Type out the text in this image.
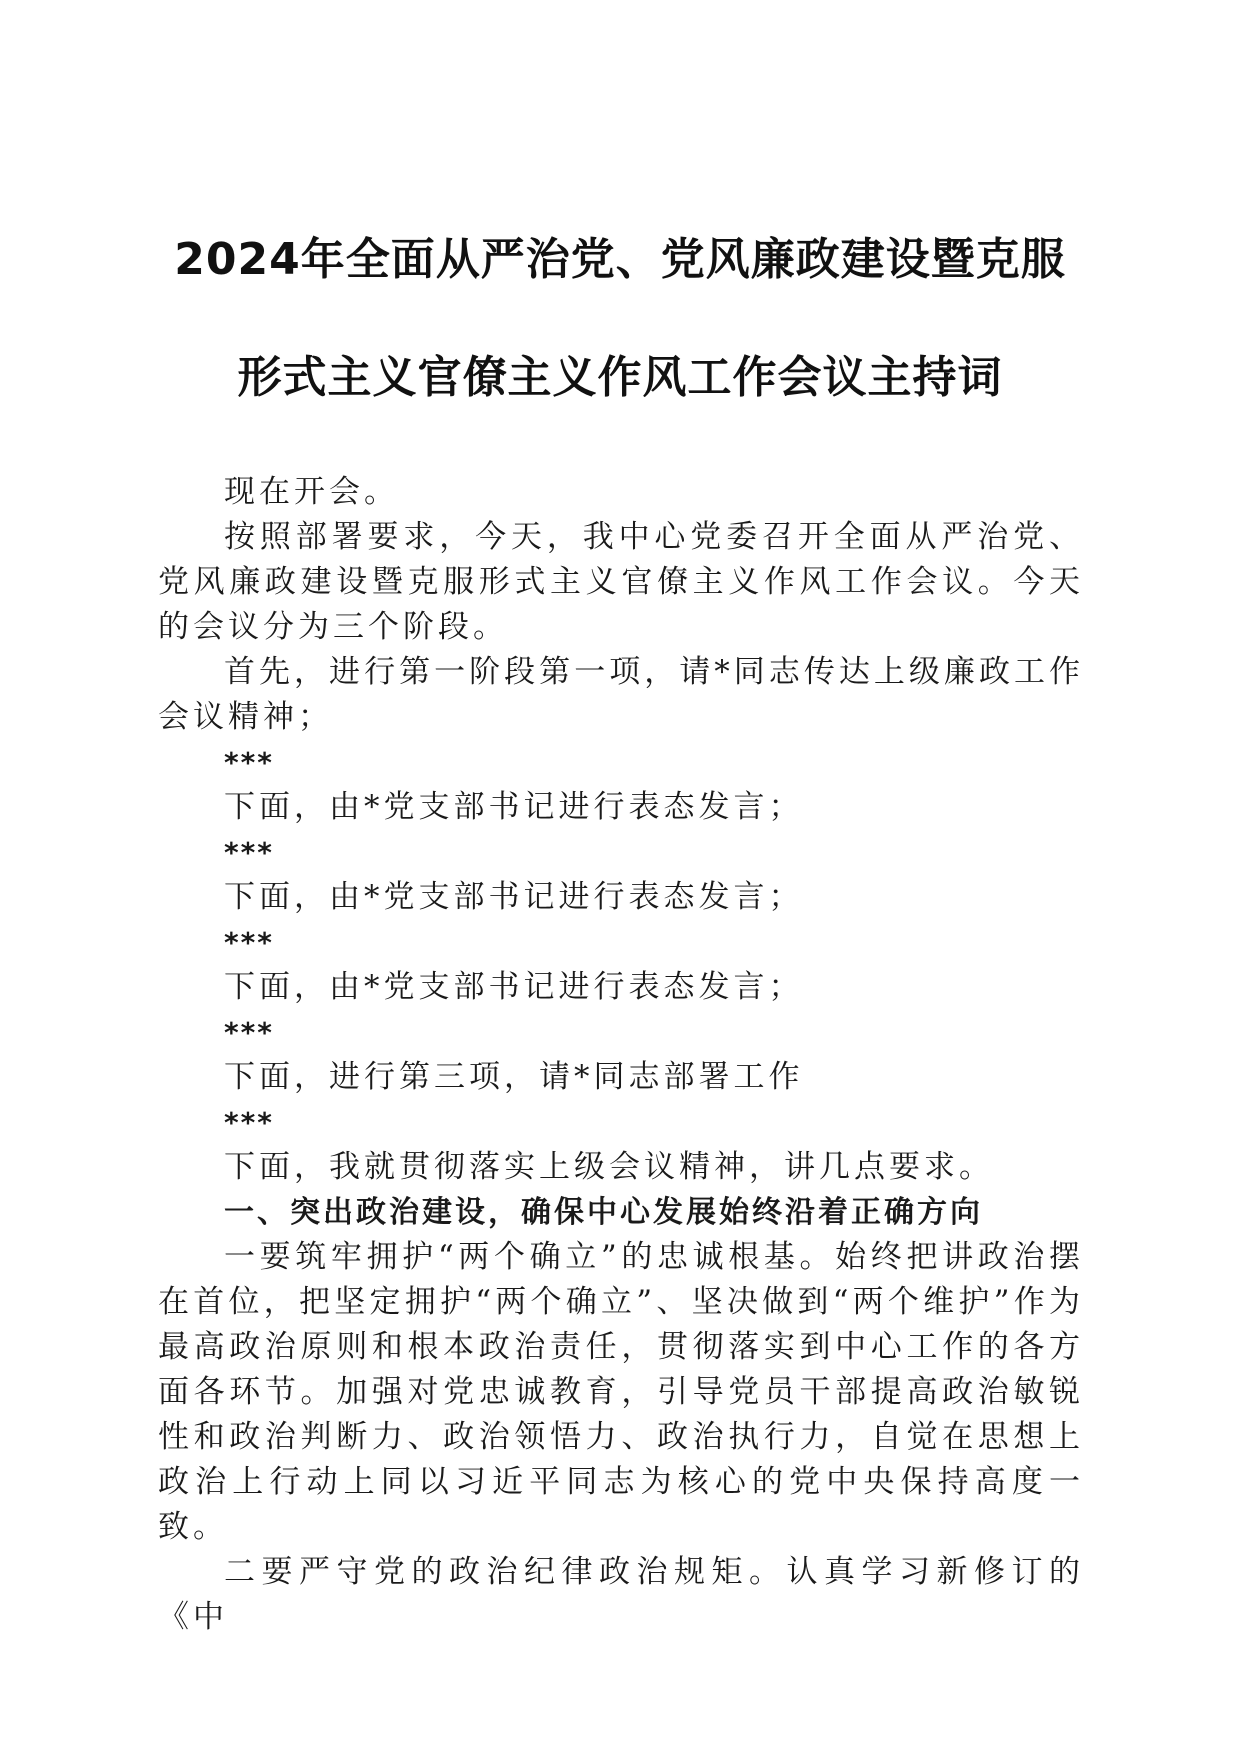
2024年全面从严治党、党风廉政建设暨克服
形式主义官僚主义作风工作会议主持词

现在开会。

按照部署要求，今天，我中心党委召开全面从严治党、党风廉政建设暨克服形式主义官僚主义作风工作会议。今天的会议分为三个阶段。

首先，进行第一阶段第一项，请*同志传达上级廉政工作会议精神；

***

下面，由*党支部书记进行表态发言；

***

下面，由*党支部书记进行表态发言；

***

下面，由*党支部书记进行表态发言；

***

下面，进行第三项，请*同志部署工作

***

下面，我就贯彻落实上级会议精神，讲几点要求。

一、突出政治建设，确保中心发展始终沿着正确方向

一要筑牢拥护“两个确立”的忠诚根基。始终把讲政治摆在首位，把坚定拥护“两个确立”、坚决做到“两个维护”作为最高政治原则和根本政治责任，贯彻落实到中心工作的各方面各环节。加强对党忠诚教育，引导党员干部提高政治敏锐性和政治判断力、政治领悟力、政治执行力，自觉在思想上政治上行动上同以习近平同志为核心的党中央保持高度一致。

二要严守党的政治纪律政治规矩。认真学习新修订的《中
